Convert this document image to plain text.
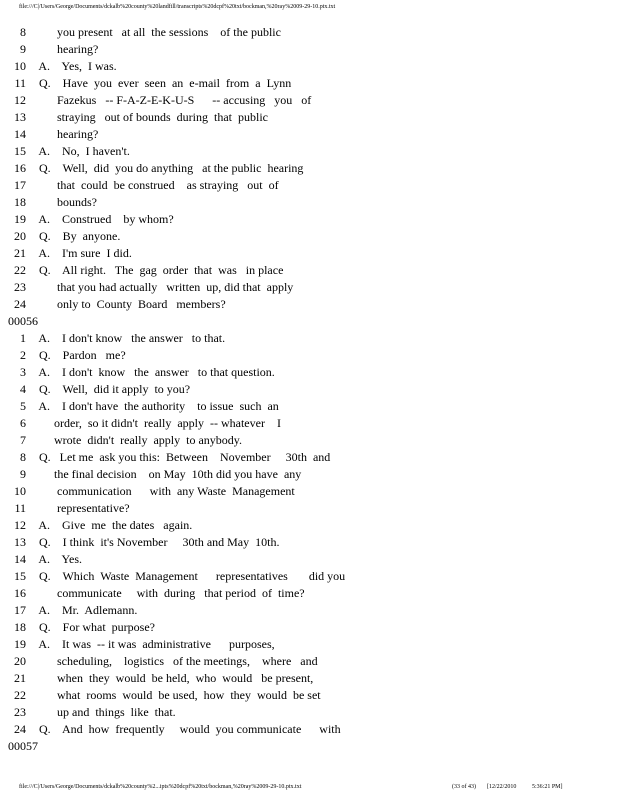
file:///C|/Users/George/Documents/dckalb%20county%20landfill/transcripts%20dcpf%20txt/bockman,%20ray%2009-29-10.ptx.txt
8 you present   at all  the sessions    of the public
9 hearing?
10 A.    Yes,  I was.
11 Q.    Have  you  ever  seen  an  e-mail  from  a  Lynn
12 Fazekus   -- F-A-Z-E-K-U-S      -- accusing   you   of
13 straying   out of bounds  during  that  public
14 hearing?
15 A.    No,  I haven't.
16 Q.    Well,  did  you do anything   at the public  hearing
17 that  could  be construed    as straying   out  of
18 bounds?
19 A.    Construed    by whom?
20 Q.    By  anyone.
21 A.    I'm sure  I did.
22 Q.    All right.   The  gag  order  that  was   in place
23 that you had actually   written  up, did that  apply
24 only to  County  Board   members?
00056
1 A.    I don't know   the answer   to that.
2 Q.    Pardon   me?
3 A.    I don't  know   the  answer   to that question.
4 Q.    Well,  did it apply  to you?
5 A.    I don't have  the authority    to issue  such  an
6 order,  so it didn't  really  apply  -- whatever    I
7 wrote  didn't  really  apply  to anybody.
8 Q.   Let me  ask you this:  Between    November     30th  and
9 the final decision    on May  10th did you have  any
10 communication      with  any Waste  Management
11 representative?
12 A.    Give  me  the dates   again.
13 Q.    I think  it's November     30th and May  10th.
14 A.    Yes.
15 Q.    Which  Waste  Management      representatives       did you
16 communicate     with  during   that period  of  time?
17 A.    Mr.  Adlemann.
18 Q.    For what  purpose?
19 A.    It was  -- it was  administrative      purposes,
20 scheduling,    logistics   of the meetings,    where   and
21 when  they  would  be held,  who  would   be present,
22 what  rooms  would  be used,  how  they  would  be set
23 up and  things  like  that.
24 Q.    And  how  frequently     would  you communicate      with
00057
file:///C|/Users/George/Documents/dckalb%20county%2...ipts%20dcpf%20txt/bockman,%20ray%2009-29-10.ptx.txt	(33 of 43) [12/22/2010	5:36:21 PM]
